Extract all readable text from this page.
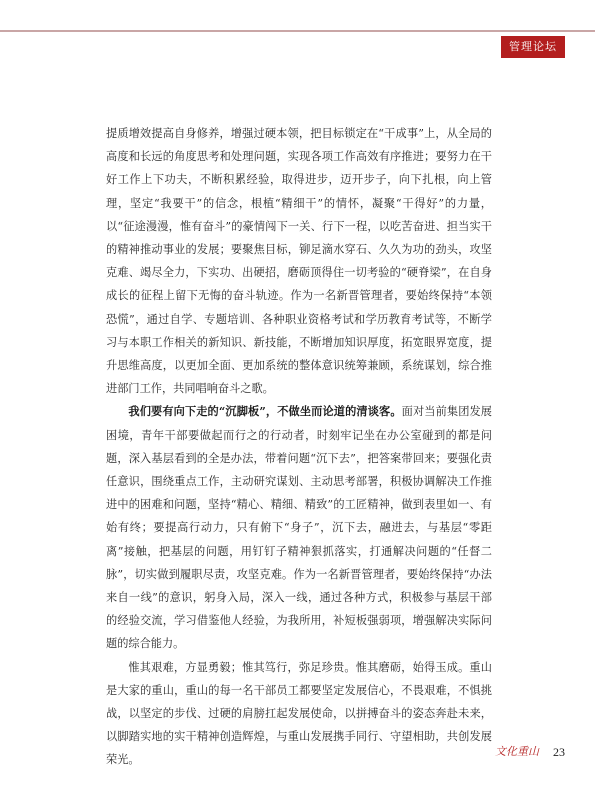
管理论坛

提质增效提高自身修养，增强过硬本领，把目标锁定在“干成事”上，从全局的高度和长远的角度思考和处理问题，实现各项工作高效有序推进；要努力在干好工作上下功夫，不断积累经验，取得进步，迈开步子，向下扎根，向上管理，坚定“我要干”的信念，根植“精细干”的情怀，凝聚“干得好”的力量，以“征途漫漫，惟有奋斗”的豪情闯下一关、行下一程，以吃苦奋进、担当实干的精神推动事业的发展；要聚焦目标，铆足滴水穿石、久久为功的劲头，攻坚克难、竭尽全力，下实功、出硬招，磨砺顶得住一切考验的“硬脊梁”，在自身成长的征程上留下无悔的奋斗轨迹。作为一名新晋管理者，要始终保持“本领恐慌”，通过自学、专题培训、各种职业资格考试和学历教育考试等，不断学习与本职工作相关的新知识、新技能，不断增加知识厚度，拓宽眼界宽度，提升思维高度，以更加全面、更加系统的整体意识统筹兼顾，系统谋划，综合推进部门工作，共同唱响奋斗之歌。

我们要有向下走的“沉脚板”，不做坐而论道的清谈客。面对当前集团发展困境，青年干部要做起而行之的行动者，时刻牢记坐在办公室碰到的都是问题，深入基层看到的全是办法，带着问题“沉下去”，把答案带回来；要强化责任意识，围绕重点工作，主动研究谋划、主动思考部署，积极协调解决工作推进中的困难和问题，坚持“精心、精细、精致”的工匠精神，做到表里如一、有始有终；要提高行动力，只有俯下“身子”，沉下去，融进去，与基层“零距离”接触，把基层的问题，用钉钉子精神狠抓落实，打通解决问题的“任督二脉”，切实做到履职尽责，攻坚克难。作为一名新晋管理者，要始终保持“办法来自一线”的意识，躬身入局，深入一线，通过各种方式，积极参与基层干部的经验交流，学习借鉴他人经验，为我所用，补短板强弱项，增强解决实际问题的综合能力。

惟其艰难，方显勇毅；惟其笃行，弥足珍贵。惟其磨砺，始得玉成。重山是大家的重山，重山的每一名干部员工都要坚定发展信心，不畏艰难，不惧挑战，以坚定的步伐、过硬的肩膀扛起发展使命，以拼搏奋斗的姿态奔赴未来，以脚踏实地的实干精神创造辉煌，与重山发展携手同行、守望相助，共创发展荣光。

文化重山 23
